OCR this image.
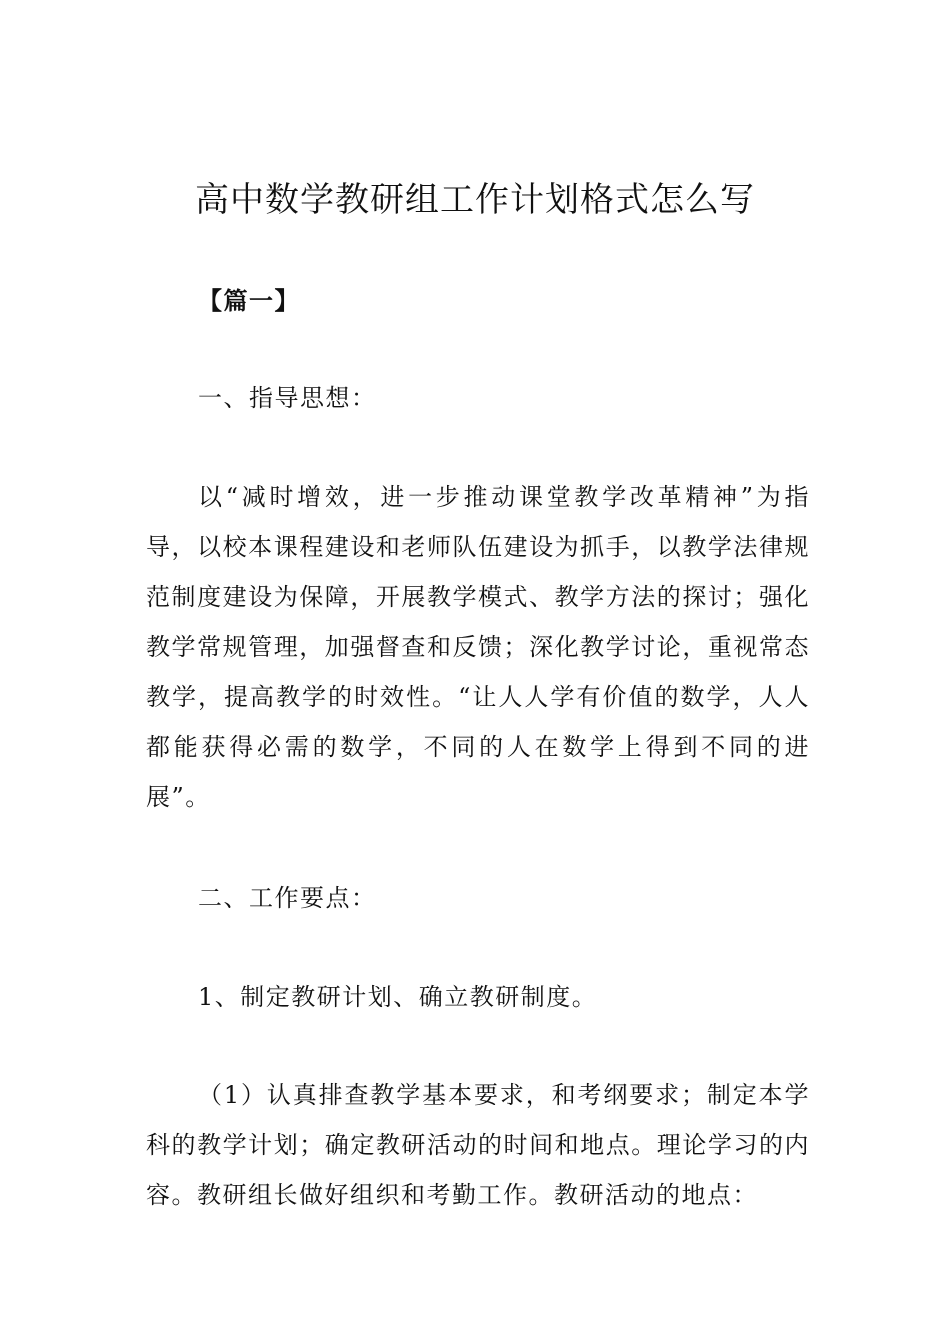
高中数学教研组工作计划格式怎么写

【篇一】

一、指导思想：

以“减时增效，进一步推动课堂教学改革精神”为指导，以校本课程建设和老师队伍建设为抓手，以教学法律规范制度建设为保障，开展教学模式、教学方法的探讨；强化教学常规管理，加强督查和反馈；深化教学讨论，重视常态教学，提高教学的时效性。“让人人学有价值的数学，人人都能获得必需的数学，不同的人在数学上得到不同的进展”。

二、工作要点：

1、制定教研计划、确立教研制度。

（1）认真排查教学基本要求，和考纲要求；制定本学科的教学计划；确定教研活动的时间和地点。理论学习的内容。教研组长做好组织和考勤工作。教研活动的地点：
